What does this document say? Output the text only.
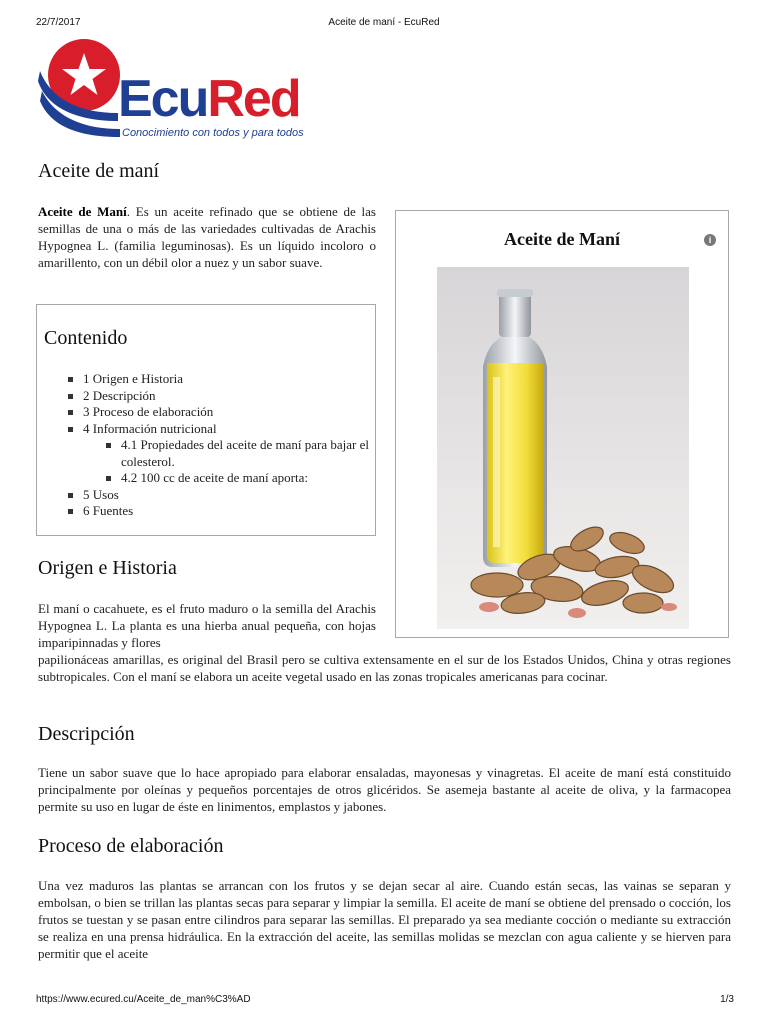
22/7/2017	Aceite de maní - EcuRed
EcuRed
Conocimiento con todos y para todos
Aceite de maní

Aceite de Maní. Es un aceite refinado que se obtiene de las semillas de una o más de las variedades cultivadas de Arachis Hypognea L. (familia leguminosas). Es un líquido incoloro o amarillento, con un débil olor a nuez y un sabor suave.

Contenido
1 Origen e Historia
2 Descripción
3 Proceso de elaboración
4 Información nutricional
4.1 Propiedades del aceite de maní para bajar el colesterol.
4.2 100 cc de aceite de maní aporta:
5 Usos
6 Fuentes
Aceite de Maní	i
Origen e Historia

El maní o cacahuete, es el fruto maduro o la semilla del Arachis Hypognea L. La planta es una hierba anual pequeña, con hojas imparipinnadas y flores

papilionáceas amarillas, es original del Brasil pero se cultiva extensamente en el sur de los Estados Unidos, China y otras regiones subtropicales. Con el maní se elabora un aceite vegetal usado en las zonas tropicales americanas para cocinar.

Descripción

Tiene un sabor suave que lo hace apropiado para elaborar ensaladas, mayonesas y vinagretas. El aceite de maní está constituido principalmente por oleínas y pequeños porcentajes de otros glicéridos. Se asemeja bastante al aceite de oliva, y la farmacopea permite su uso en lugar de éste en linimentos, emplastos y jabones.

Proceso de elaboración

Una vez maduros las plantas se arrancan con los frutos y se dejan secar al aire. Cuando están secas, las vainas se separan y embolsan, o bien se trillan las plantas secas para separar y limpiar la semilla. El aceite de maní se obtiene del prensado o cocción, los frutos se tuestan y se pasan entre cilindros para separar las semillas. El preparado ya sea mediante cocción o mediante su extracción se realiza en una prensa hidráulica. En la extracción del aceite, las semillas molidas se mezclan con agua caliente y se hierven para permitir que el aceite

https://www.ecured.cu/Aceite_de_man%C3%AD	1/3
